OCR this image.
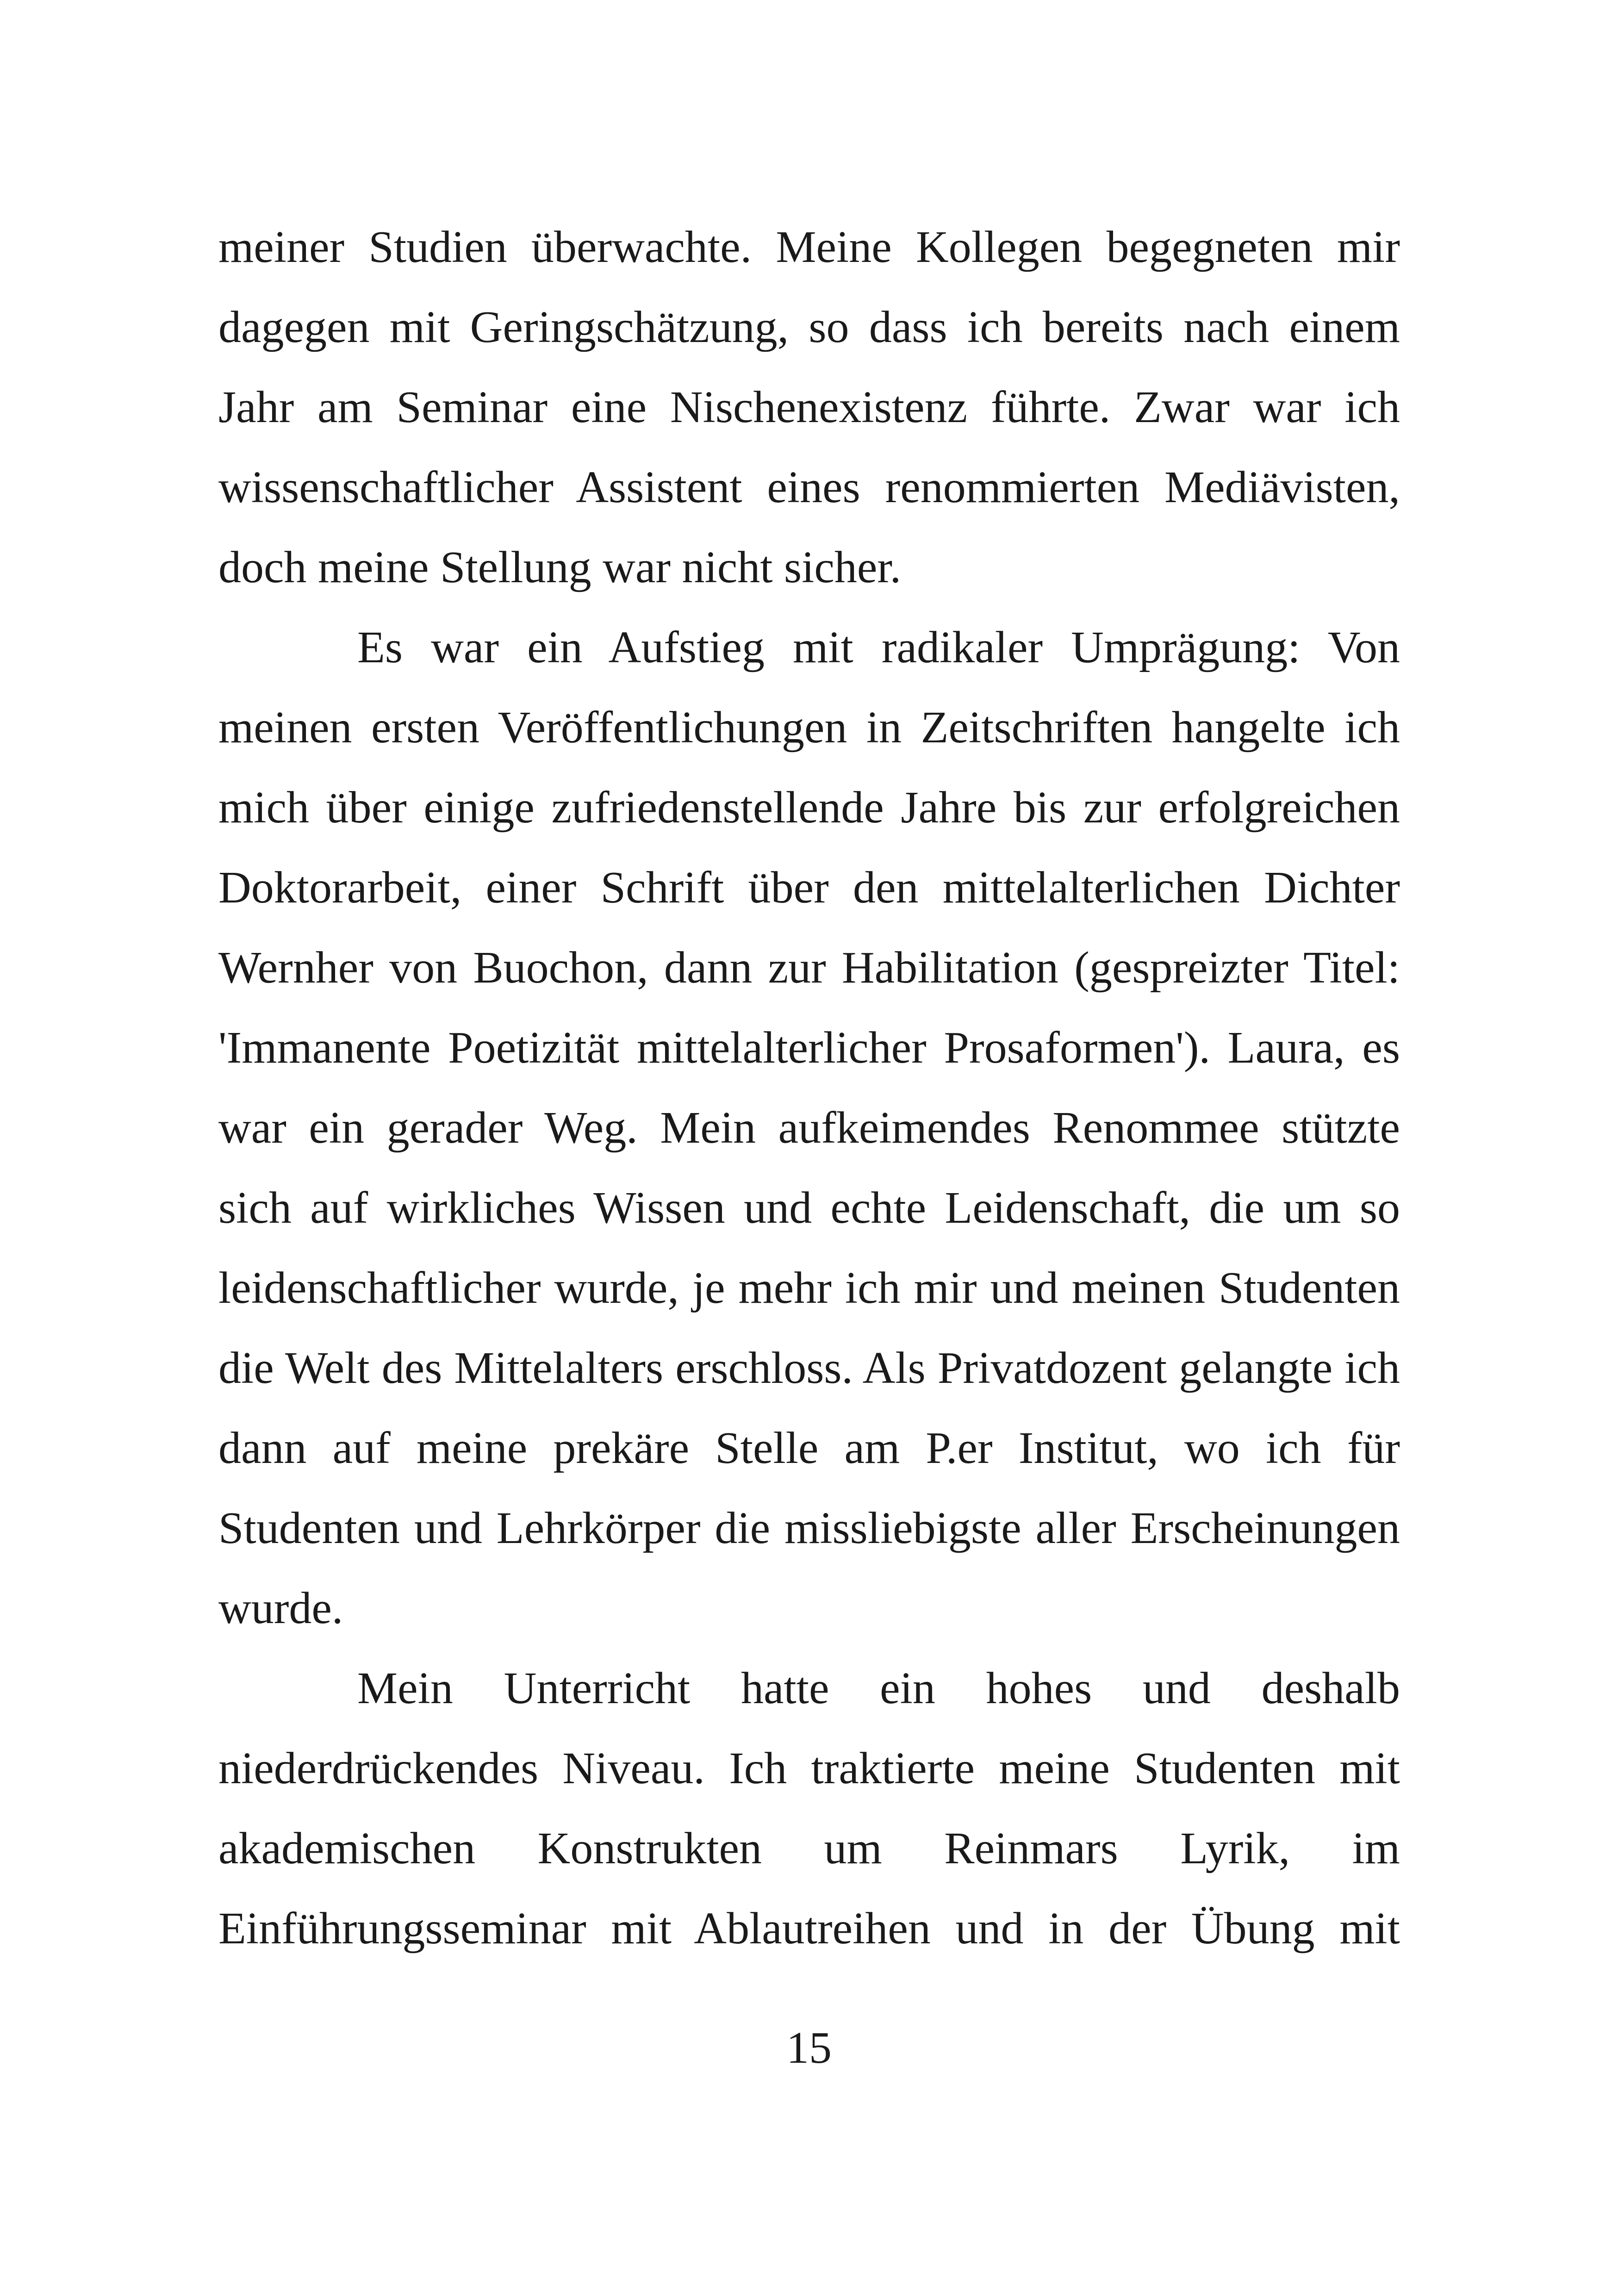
meiner Studien überwachte. Meine Kollegen begegneten mir dagegen mit Geringschätzung, so dass ich bereits nach einem Jahr am Seminar eine Nischenexistenz führte. Zwar war ich wissenschaftlicher Assistent eines renommierten Mediävisten, doch meine Stellung war nicht sicher.

Es war ein Aufstieg mit radikaler Umprägung: Von meinen ersten Veröffentlichungen in Zeitschriften hangelte ich mich über einige zufriedenstellende Jahre bis zur erfolgreichen Doktorarbeit, einer Schrift über den mittelalterlichen Dichter Wernher von Buochon, dann zur Habilitation (gespreizter Titel: 'Immanente Poetizität mittelalterlicher Prosaformen'). Laura, es war ein gerader Weg. Mein aufkeimendes Renommee stützte sich auf wirkliches Wissen und echte Leidenschaft, die um so leidenschaftlicher wurde, je mehr ich mir und meinen Studenten die Welt des Mittelalters erschloss. Als Privatdozent gelangte ich dann auf meine prekäre Stelle am P.er Institut, wo ich für Studenten und Lehrkörper die missliebigste aller Erscheinungen wurde.

Mein Unterricht hatte ein hohes und deshalb niederdrückendes Niveau. Ich traktierte meine Studenten mit akademischen Konstrukten um Reinmars Lyrik, im Einführungsseminar mit Ablautreihen und in der Übung mit

15
